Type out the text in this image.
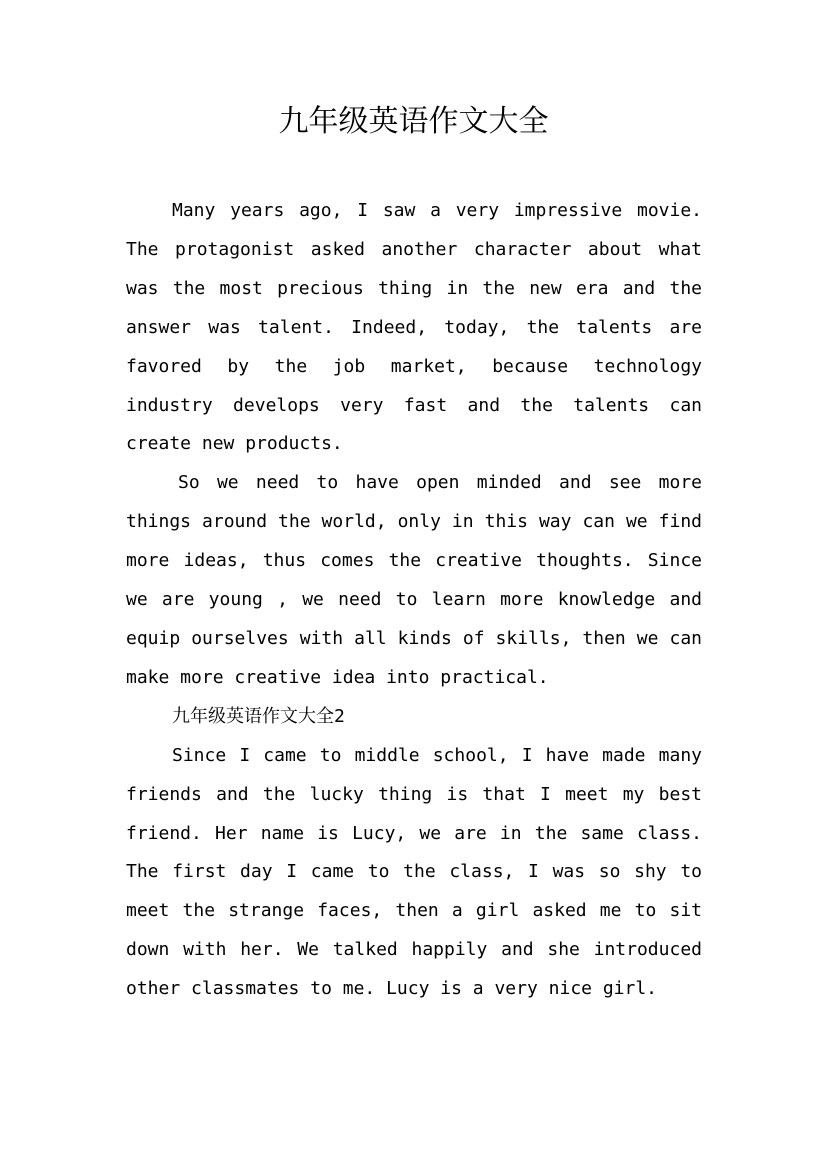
九年级英语作文大全

Many years ago, I saw a very impressive movie. The protagonist asked another character about what was the most precious thing in the new era and the answer was talent. Indeed, today, the talents are favored by the job market, because technology industry develops very fast and the talents can create new products.

So we need to have open minded and see more things around the world, only in this way can we find more ideas, thus comes the creative thoughts. Since we are young , we need to learn more knowledge and equip ourselves with all kinds of skills, then we can make more creative idea into practical.

九年级英语作文大全2

Since I came to middle school, I have made many friends and the lucky thing is that I meet my best friend. Her name is Lucy, we are in the same class. The first day I came to the class, I was so shy to meet the strange faces, then a girl asked me to sit down with her. We talked happily and she introduced other classmates to me. Lucy is a very nice girl.
